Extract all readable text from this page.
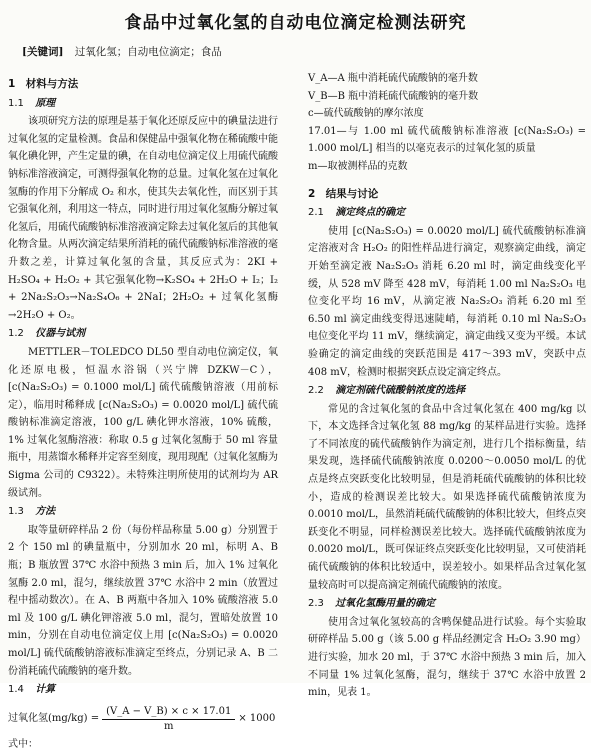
食品中过氧化氢的自动电位滴定检测法研究
[关键词] 过氧化氢；自动电位滴定；食品
1　材料与方法
1.1 原理

该项研究方法的原理是基于氧化还原反应中的碘量法进行过氧化氢的定量检测。食品和保健品中强氧化物在稀硫酸中能氧化碘化钾，产生定量的碘，在自动电位滴定仪上用硫代硫酸钠标准溶液滴定，可测得强氧化物的总量。过氧化氢在过氧化氢酶的作用下分解成 O₂ 和水，使其失去氧化性，而区别于其它强氧化剂，利用这一特点，同时进行用过氧化氢酶分解过氧化氢后，用硫代硫酸钠标准溶液滴定除去过氧化氢后的其他氧化物含量。从两次滴定结果所消耗的硫代硫酸钠标准溶液的毫升数之差，计算过氧化氢的含量，其反应式为：2KI + H₂SO₄ + H₂O₂ + 其它强氧化物→K₂SO₄ + 2H₂O + I₂；I₂ + 2Na₂S₂O₃→Na₂S₄O₆ + 2NaI；2H₂O₂ + 过氧化氢酶→2H₂O + O₂。

1.2 仪器与试剂

METTLER－TOLEDCO DL50 型自动电位滴定仪，氧化还原电极，恒温水浴锅（兴宁牌 DZKW－C），[c(Na₂S₂O₃) = 0.1000 mol/L] 硫代硫酸钠溶液（用前标定），临用时稀释成 [c(Na₂S₂O₃) = 0.0020 mol/L] 硫代硫酸钠标准滴定溶液，100 g/L 碘化钾水溶液，10% 硫酸，1% 过氧化氢酶溶液：称取 0.5 g 过氧化氢酶于 50 ml 容量瓶中，用蒸馏水稀释并定容至刻度，现用现配（过氧化氢酶为 Sigma 公司的 C9322）。未特殊注明所使用的试剂均为 AR 级试剂。

1.3 方法

取等量研碎样品 2 份（每份样品称量 5.00 g）分别置于 2 个 150 ml 的碘量瓶中，分别加水 20 ml，标明 A、B 瓶；B 瓶放置 37℃ 水浴中预热 3 min 后，加入 1% 过氧化氢酶 2.0 ml，混匀，继续放置 37℃ 水浴中 2 min（放置过程中摇动数次）。在 A、B 两瓶中各加入 10% 硫酸溶液 5.0 ml 及 100 g/L 碘化钾溶液 5.0 ml，混匀，置暗处放置 10 min，分别在自动电位滴定仪上用 [c(Na₂S₂O₃) = 0.0020 mol/L] 硫代硫酸钠溶液标准滴定至终点，分别记录 A、B 二份消耗硫代硫酸钠的毫升数。

1.4 计算
过氧化氢$(mg/kg) = \frac{(V\_A - V\_B) \times c \times 17.01}{m} \times 1000$

式中：

V_A—A 瓶中消耗硫代硫酸钠的毫升数

V_B—B 瓶中消耗硫代硫酸钠的毫升数

c—硫代硫酸钠的摩尔浓度

17.01—与 1.00 ml 硫代硫酸钠标准溶液 [c(Na₂S₂O₃) = 1.000 mol/L] 相当的以毫克表示的过氧化氢的质量

m—取被测样品的克数

2　结果与讨论
2.1 滴定终点的确定

使用 [c(Na₂S₂O₃) = 0.0020 mol/L] 硫代硫酸钠标准滴定溶液对含 H₂O₂ 的阳性样品进行滴定，观察滴定曲线，滴定开始至滴定液 Na₂S₂O₃ 消耗 6.20 ml 时，滴定曲线变化平缓，从 528 mV 降至 428 mV，每消耗 1.00 ml Na₂S₂O₃ 电位变化平均 16 mV，从滴定液 Na₂S₂O₃ 消耗 6.20 ml 至 6.50 ml 滴定曲线变得迅速陡峭，每消耗 0.10 ml Na₂S₂O₃ 电位变化平均 11 mV，继续滴定，滴定曲线又变为平缓。本试验确定的滴定曲线的突跃范围是 417～393 mV，突跃中点 408 mV，检测时根据突跃点设定滴定终点。

2.2 滴定剂硫代硫酸钠浓度的选择

常见的含过氧化氢的食品中含过氧化氢在 400 mg/kg 以下，本文选择含过氧化氢 88 mg/kg 的某样品进行实验。选择了不同浓度的硫代硫酸钠作为滴定剂，进行几个指标衡量，结果发现，选择硫代硫酸钠浓度 0.0200～0.0050 mol/L 的优点是终点突跃变化比较明显，但是消耗硫代硫酸钠的体积比较小，造成的检测误差比较大。如果选择硫代硫酸钠浓度为 0.0010 mol/L，虽然消耗硫代硫酸钠的体积比较大，但终点突跃变化不明显，同样检测误差比较大。选择硫代硫酸钠浓度为 0.0020 mol/L，既可保证终点突跃变化比较明显，又可使消耗硫代硫酸钠的体积比较适中，误差较小。如果样品含过氧化氢量较高时可以提高滴定剂硫代硫酸钠的浓度。

2.3 过氧化氢酶用量的确定

使用含过氧化氢较高的含鸭保健品进行试验。每个实验取研碎样品 5.00 g（该 5.00 g 样品经测定含 H₂O₂ 3.90 mg）进行实验，加水 20 ml，于 37℃ 水浴中预热 3 min 后，加入不同量 1% 过氧化氢酶，混匀，继续于 37℃ 水浴中放置 2 min，见表 1。
